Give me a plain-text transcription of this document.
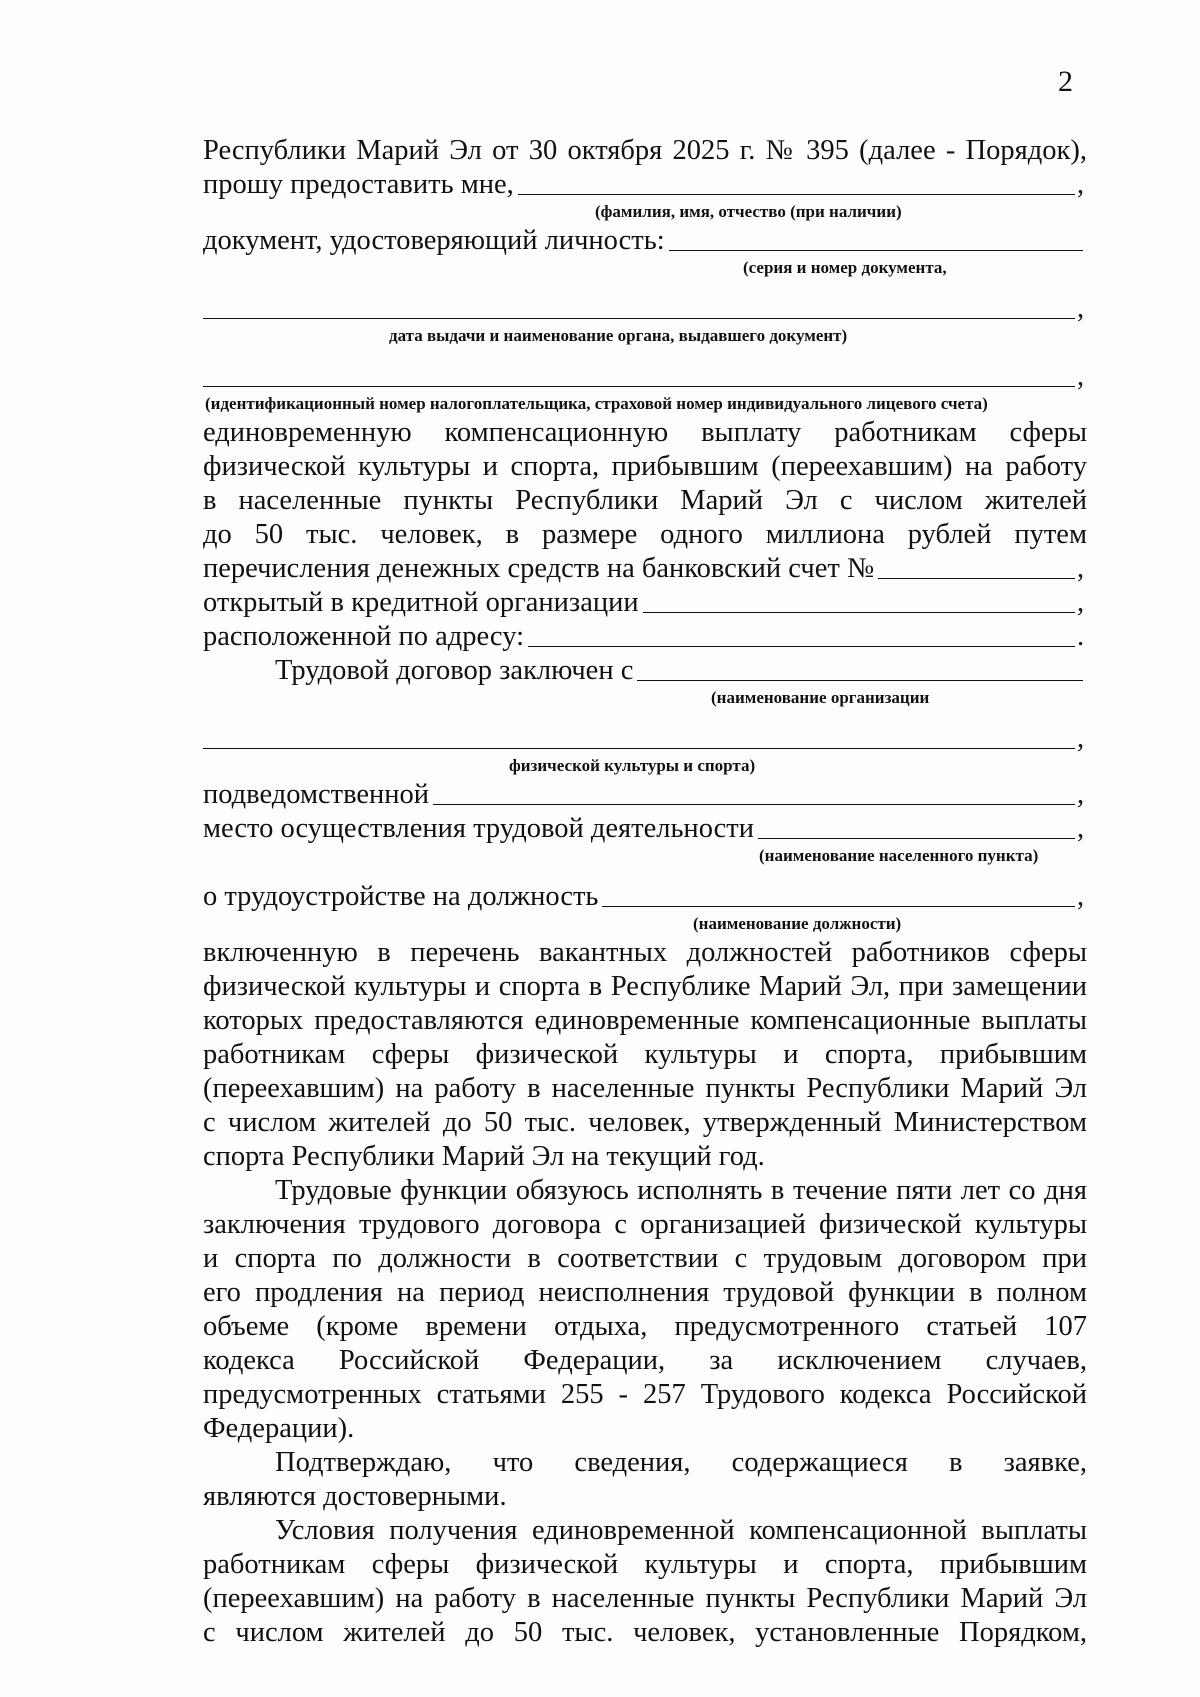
2
Республики Марий Эл от 30 октября 2025 г. № 395 (далее - Порядок),
прошу предоставить мне,	,
(фамилия, имя, отчество (при наличии)
документ, удостоверяющий личность:
(серия и номер документа,
,
дата выдачи и наименование органа, выдавшего документ)
,
(идентификационный номер налогоплательщика, страховой номер индивидуального лицевого счета)
единовременную компенсационную выплату работникам сферы
физической культуры и спорта, прибывшим (переехавшим) на работу
в населенные пункты Республики Марий Эл с числом жителей
до 50 тыс. человек, в размере одного миллиона рублей путем
перечисления денежных средств на банковский счет №	,
открытый в кредитной организации	,
расположенной по адресу:	.
Трудовой договор заключен с
(наименование организации
,
физической культуры и спорта)
подведомственной	,
место осуществления трудовой деятельности	,
(наименование населенного пункта)
о трудоустройстве на должность	,
(наименование должности)
включенную в перечень вакантных должностей работников сферы
физической культуры и спорта в Республике Марий Эл, при замещении
которых предоставляются единовременные компенсационные выплаты
работникам сферы физической культуры и спорта, прибывшим
(переехавшим) на работу в населенные пункты Республики Марий Эл
с числом жителей до 50 тыс. человек, утвержденный Министерством
спорта Республики Марий Эл на текущий год.
Трудовые функции обязуюсь исполнять в течение пяти лет со дня
заключения трудового договора с организацией физической культуры
и спорта по должности в соответствии с трудовым договором при
его продления на период неисполнения трудовой функции в полном
объеме (кроме времени отдыха, предусмотренного статьей 107
кодекса Российской Федерации, за исключением случаев,
предусмотренных статьями 255 - 257 Трудового кодекса Российской
Федерации).
Подтверждаю, что сведения, содержащиеся в заявке,
являются достоверными.
Условия получения единовременной компенсационной выплаты
работникам сферы физической культуры и спорта, прибывшим
(переехавшим) на работу в населенные пункты Республики Марий Эл
с числом жителей до 50 тыс. человек, установленные Порядком,
